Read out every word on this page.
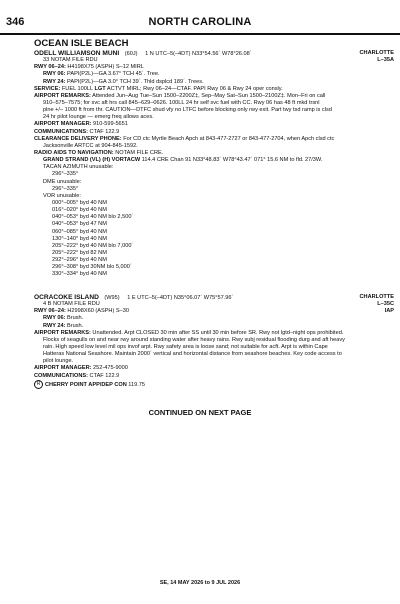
346	NORTH CAROLINA
OCEAN ISLE BEACH
ODELL WILLIAMSON MUNI (60J) 1 N UTC–5(–4DT) N33°54.56´ W78°26.08´	CHARLOTTE
33 NOTAM FILE RDU	L–35A
RWY 06–24: H4198X75 (ASPH) S–12 MIRL
RWY 06: PAPI(P2L)—GA 3.67° TCH 45´. Tree.
RWY 24: PAPI(P2L)—GA 3.0° TCH 39´. Thld dsplcd 189´. Trees.
SERVICE: FUEL 100LL LGT ACTVT MIRL; Rwy 06–24—CTAF. PAPI Rwy 06 & Rwy 24 oper consly.
AIRPORT REMARKS: Attended Jun–Aug Tue–Sun 1500–2200Z‡, Sep–May Sat–Sun 1500–2100Z‡. Mon–Fri on call
910–575–7575; for svc aft hrs call 845–629–0626. 100LL 24 hr self svc fuel with CC. Rwy 06 has 48 ft mkd trsnl
plne +/– 1000 ft from thr. CAUTION—DTFC shud vfy no LTFC before blocking only rwy exit. Part twy tsd ramp is clsd
24 hr pilot lounge — emerg freq allows aces.
AIRPORT MANAGER: 910-599-5651
COMMUNICATIONS: CTAF 122.9
CLEARANCE DELIVERY PHONE: For CD ctc Myrtle Beach Apch at 843-477-2727 or 843-477-2704, when Apch clsd ctc
Jacksonville ARTCC at 904-845-1592.
RADIO AIDS TO NAVIGATION: NOTAM FILE CRE.
GRAND STRAND (VL) (H) VORTACW 114.4 CRE Chan 91 N33°48.83´ W78°43.47´ 071° 15.6 NM to fld. 27/3W.
TACAN AZIMUTH unusable:
296°–335°
DME unusable:
296°–335°
VOR unusable:
000°–005° byd 40 NM
016°–020° byd 40 NM
040°–053° byd 40 NM blo 2,500´
040°–053° byd 47 NM
060°–085° byd 40 NM
130°–140° byd 40 NM
205°–222° byd 40 NM blo 7,000´
205°–222° byd 82 NM
292°–296° byd 40 NM
296°–308° byd 30NM blo 5,000´
330°–334° byd 40 NM
OCRACOKE ISLAND (W95) 1 E UTC–5(–4DT) N35°06.07´ W75°57.96´	CHARLOTTE
4 B NOTAM FILE RDU	L–35C
RWY 06–24: H2998X60 (ASPH) S–30	IAP
RWY 06: Brush.
RWY 24: Brush.
AIRPORT REMARKS: Unattended. Arpt CLOSED 30 min after SS until 30 min before SR. Rwy not lgtd–night ops prohibited.
Flocks of seagulls on and near rwy around standing water after heavy rains. Rwy subj residual flooding durg and aft heavy
rain. High speed low level mil ops invof arpt. Rwy safety area is loose sand; not suitable for acft. Arpt is within Cape
Hatteras National Seashore. Maintain 2000´ vertical and horizontal distance from seashore beaches. Key code access to
pilot lounge.
AIRPORT MANAGER: 252-475-9000
COMMUNICATIONS: CTAF 122.9
R CHERRY POINT APP/DEP CON 119.75
CONTINUED ON NEXT PAGE
SE, 14 MAY 2026 to 9 JUL 2026
